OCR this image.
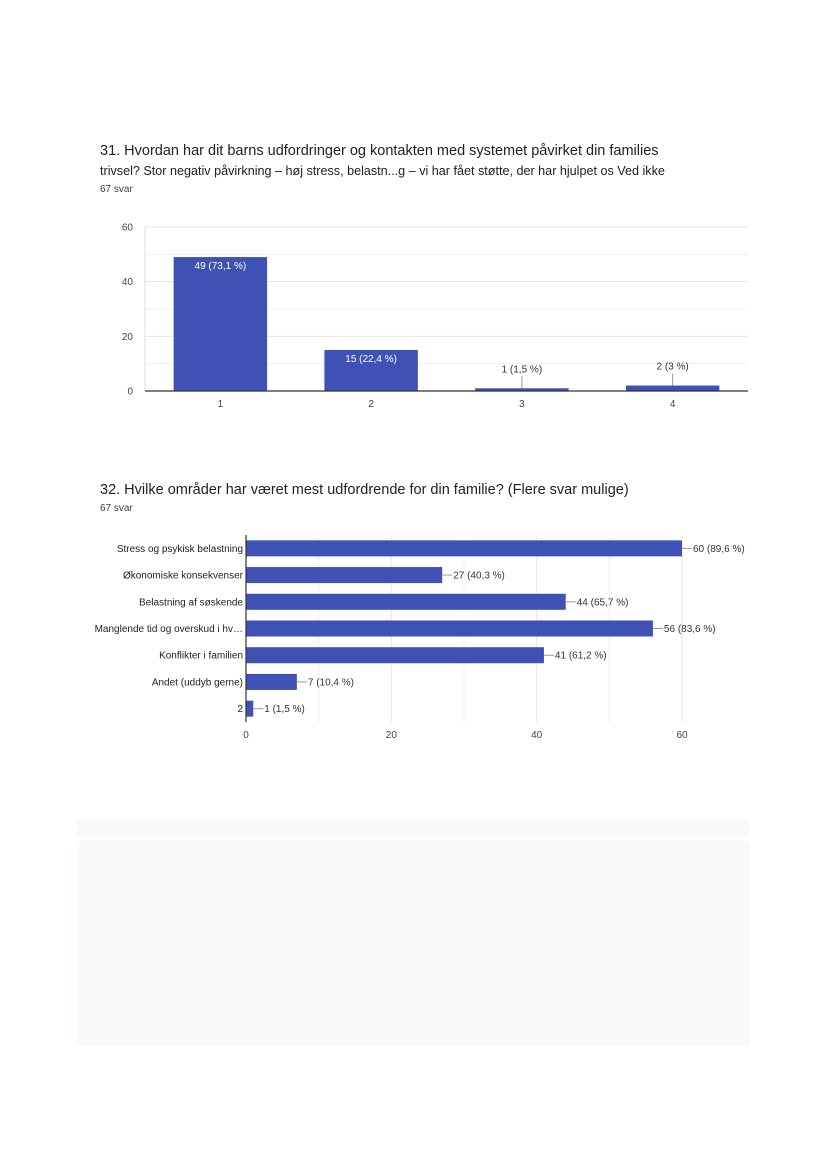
31. Hvordan har dit barns udfordringer og kontakten med systemet påvirket din families
trivsel? Stor negativ påvirkning – høj stress, belastn...g – vi har fået støtte, der har hjulpet os Ved ikke
67 svar
32. Hvilke områder har været mest udfordrende for din familie? (Flere svar mulige)
67 svar
0
20
40
60
1
49 (73,1 %)
2
15 (22,4 %)
3
1 (1,5 %)
4
2 (3 %)
0	20	40	60
Stress og psykisk belastning	60 (89,6 %)
Økonomiske konsekvenser	27 (40,3 %)
Belastning af søskende	44 (65,7 %)
Manglende tid og overskud i hv…	56 (83,6 %)
Konflikter i familien	41 (61,2 %)
Andet (uddyb gerne)	7 (10,4 %)
2 1 (1,5 %)
